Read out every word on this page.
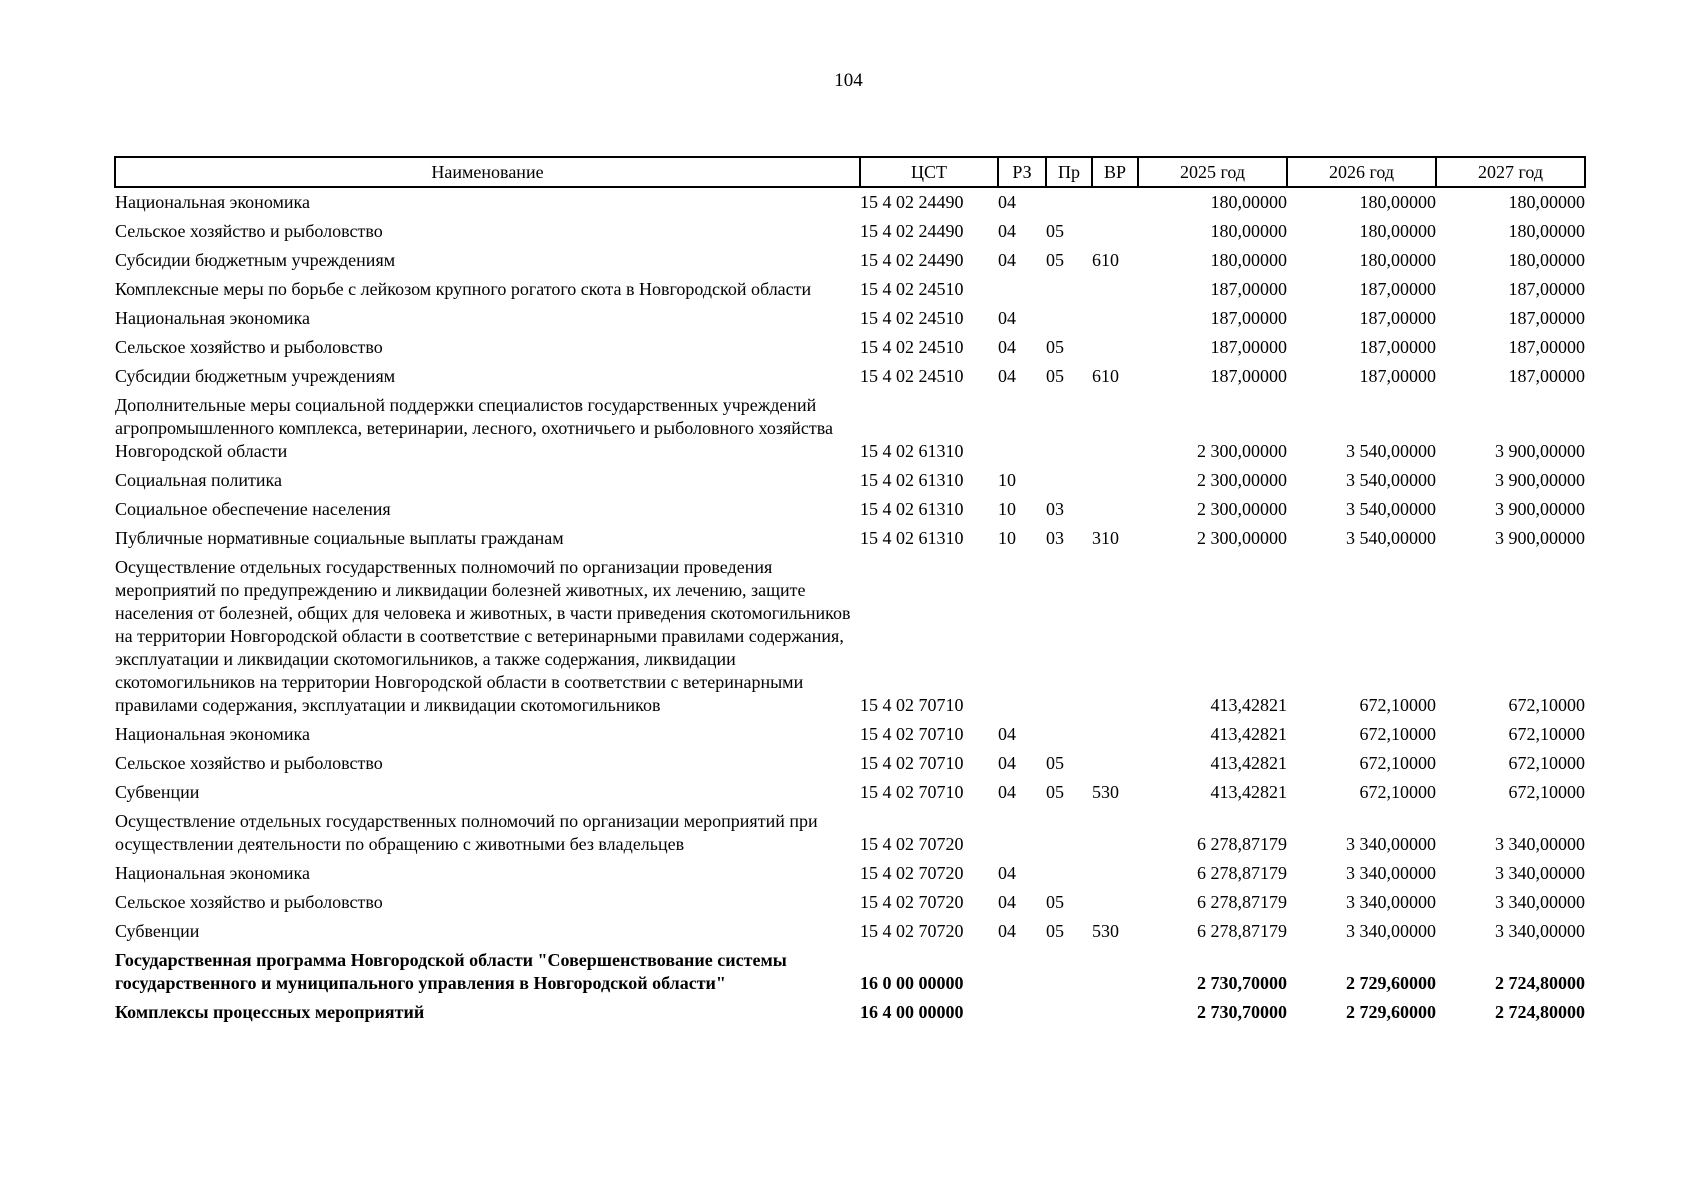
104
Наименование	ЦСТ	РЗ	Пр	ВР	2025 год	2026 год	2027 год
Национальная экономика	15 4 02 24490	04			180,00000	180,00000	180,00000
Сельское хозяйство и рыболовство	15 4 02 24490	04	05		180,00000	180,00000	180,00000
Субсидии бюджетным учреждениям	15 4 02 24490	04	05	610	180,00000	180,00000	180,00000
Комплексные меры по борьбе с лейкозом крупного рогатого скота в Новгородской области	15 4 02 24510				187,00000	187,00000	187,00000
Национальная экономика	15 4 02 24510	04			187,00000	187,00000	187,00000
Сельское хозяйство и рыболовство	15 4 02 24510	04	05		187,00000	187,00000	187,00000
Субсидии бюджетным учреждениям	15 4 02 24510	04	05	610	187,00000	187,00000	187,00000
Дополнительные меры социальной поддержки специалистов государственных учреждений агропромышленного комплекса, ветеринарии, лесного, охотничьего и рыболовного хозяйства Новгородской области	15 4 02 61310				2 300,00000	3 540,00000	3 900,00000
Социальная политика	15 4 02 61310	10			2 300,00000	3 540,00000	3 900,00000
Социальное обеспечение населения	15 4 02 61310	10	03		2 300,00000	3 540,00000	3 900,00000
Публичные нормативные социальные выплаты гражданам	15 4 02 61310	10	03	310	2 300,00000	3 540,00000	3 900,00000
Осуществление отдельных государственных полномочий по организации проведения мероприятий по предупреждению и ликвидации болезней животных, их лечению, защите населения от болезней, общих для человека и животных, в части приведения скотомогильников на территории Новгородской области в соответствие с ветеринарными правилами содержания, эксплуатации и ликвидации скотомогильников, а также содержания, ликвидации скотомогильников на территории Новгородской области в соответствии с ветеринарными правилами содержания, эксплуатации и ликвидации скотомогильников	15 4 02 70710				413,42821	672,10000	672,10000
Национальная экономика	15 4 02 70710	04			413,42821	672,10000	672,10000
Сельское хозяйство и рыболовство	15 4 02 70710	04	05		413,42821	672,10000	672,10000
Субвенции	15 4 02 70710	04	05	530	413,42821	672,10000	672,10000
Осуществление отдельных государственных полномочий по организации мероприятий при осуществлении деятельности по обращению с животными без владельцев	15 4 02 70720				6 278,87179	3 340,00000	3 340,00000
Национальная экономика	15 4 02 70720	04			6 278,87179	3 340,00000	3 340,00000
Сельское хозяйство и рыболовство	15 4 02 70720	04	05		6 278,87179	3 340,00000	3 340,00000
Субвенции	15 4 02 70720	04	05	530	6 278,87179	3 340,00000	3 340,00000
Государственная программа Новгородской области "Совершенствование системы государственного и муниципального управления в Новгородской области"	16 0 00 00000				2 730,70000	2 729,60000	2 724,80000
Комплексы процессных мероприятий	16 4 00 00000				2 730,70000	2 729,60000	2 724,80000
